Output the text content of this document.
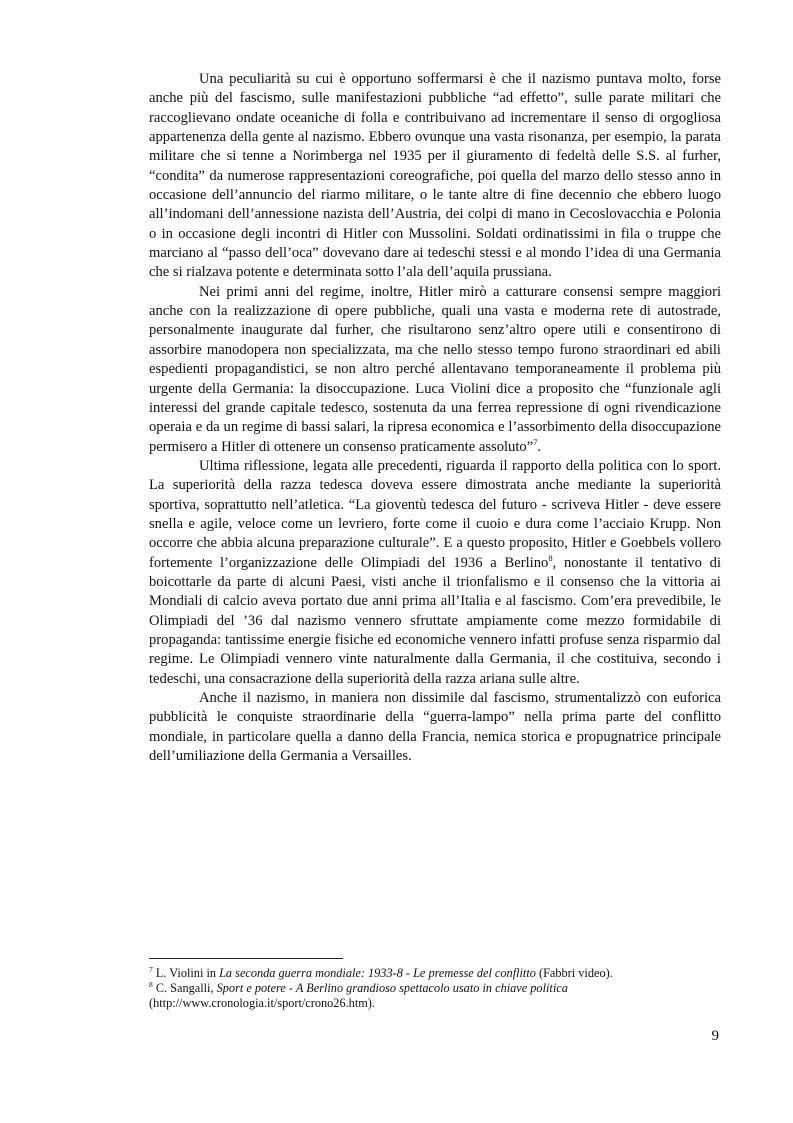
Una peculiarità su cui è opportuno soffermarsi è che il nazismo puntava molto, forse anche più del fascismo, sulle manifestazioni pubbliche “ad effetto”, sulle parate militari che raccoglievano ondate oceaniche di folla e contribuivano ad incrementare il senso di orgogliosa appartenenza della gente al nazismo. Ebbero ovunque una vasta risonanza, per esempio, la parata militare che si tenne a Norimberga nel 1935 per il giuramento di fedeltà delle S.S. al furher, “condita” da numerose rappresentazioni coreografiche, poi quella del marzo dello stesso anno in occasione dell’annuncio del riarmo militare, o le tante altre di fine decennio che ebbero luogo all’indomani dell’annessione nazista dell’Austria, dei colpi di mano in Cecoslovacchia e Polonia o in occasione degli incontri di Hitler con Mussolini. Soldati ordinatissimi in fila o truppe che marciano al “passo dell’oca” dovevano dare ai tedeschi stessi e al mondo l’idea di una Germania che si rialzava potente e determinata sotto l’ala dell’aquila prussiana.

Nei primi anni del regime, inoltre, Hitler mirò a catturare consensi sempre maggiori anche con la realizzazione di opere pubbliche, quali una vasta e moderna rete di autostrade, personalmente inaugurate dal furher, che risultarono senz’altro opere utili e consentirono di assorbire manodopera non specializzata, ma che nello stesso tempo furono straordinari ed abili espedienti propagandistici, se non altro perché allentavano temporaneamente il problema più urgente della Germania: la disoccupazione. Luca Violini dice a proposito che “funzionale agli interessi del grande capitale tedesco, sostenuta da una ferrea repressione di ogni rivendicazione operaia e da un regime di bassi salari, la ripresa economica e l’assorbimento della disoccupazione permisero a Hitler di ottenere un consenso praticamente assoluto”$^7$.

Ultima riflessione, legata alle precedenti, riguarda il rapporto della politica con lo sport. La superiorità della razza tedesca doveva essere dimostrata anche mediante la superiorità sportiva, soprattutto nell’atletica. “La gioventù tedesca del futuro - scriveva Hitler - deve essere snella e agile, veloce come un levriero, forte come il cuoio e dura come l’acciaio Krupp. Non occorre che abbia alcuna preparazione culturale”. E a questo proposito, Hitler e Goebbels vollero fortemente l’organizzazione delle Olimpiadi del 1936 a Berlino$^8$, nonostante il tentativo di boicottarle da parte di alcuni Paesi, visti anche il trionfalismo e il consenso che la vittoria ai Mondiali di calcio aveva portato due anni prima all’Italia e al fascismo. Com’era prevedibile, le Olimpiadi del ’36 dal nazismo vennero sfruttate ampiamente come mezzo formidabile di propaganda: tantissime energie fisiche ed economiche vennero infatti profuse senza risparmio dal regime. Le Olimpiadi vennero vinte naturalmente dalla Germania, il che costituiva, secondo i tedeschi, una consacrazione della superiorità della razza ariana sulle altre.

Anche il nazismo, in maniera non dissimile dal fascismo, strumentalizzò con euforica pubblicità le conquiste straordinarie della “guerra-lampo” nella prima parte del conflitto mondiale, in particolare quella a danno della Francia, nemica storica e propugnatrice principale dell’umiliazione della Germania a Versailles.

$^7$ L. Violini in La seconda guerra mondiale: 1933-8 - Le premesse del conflitto (Fabbri video).

$^8$ C. Sangalli, Sport e potere - A Berlino grandioso spettacolo usato in chiave politica
(http://www.cronologia.it/sport/crono26.htm).

9
